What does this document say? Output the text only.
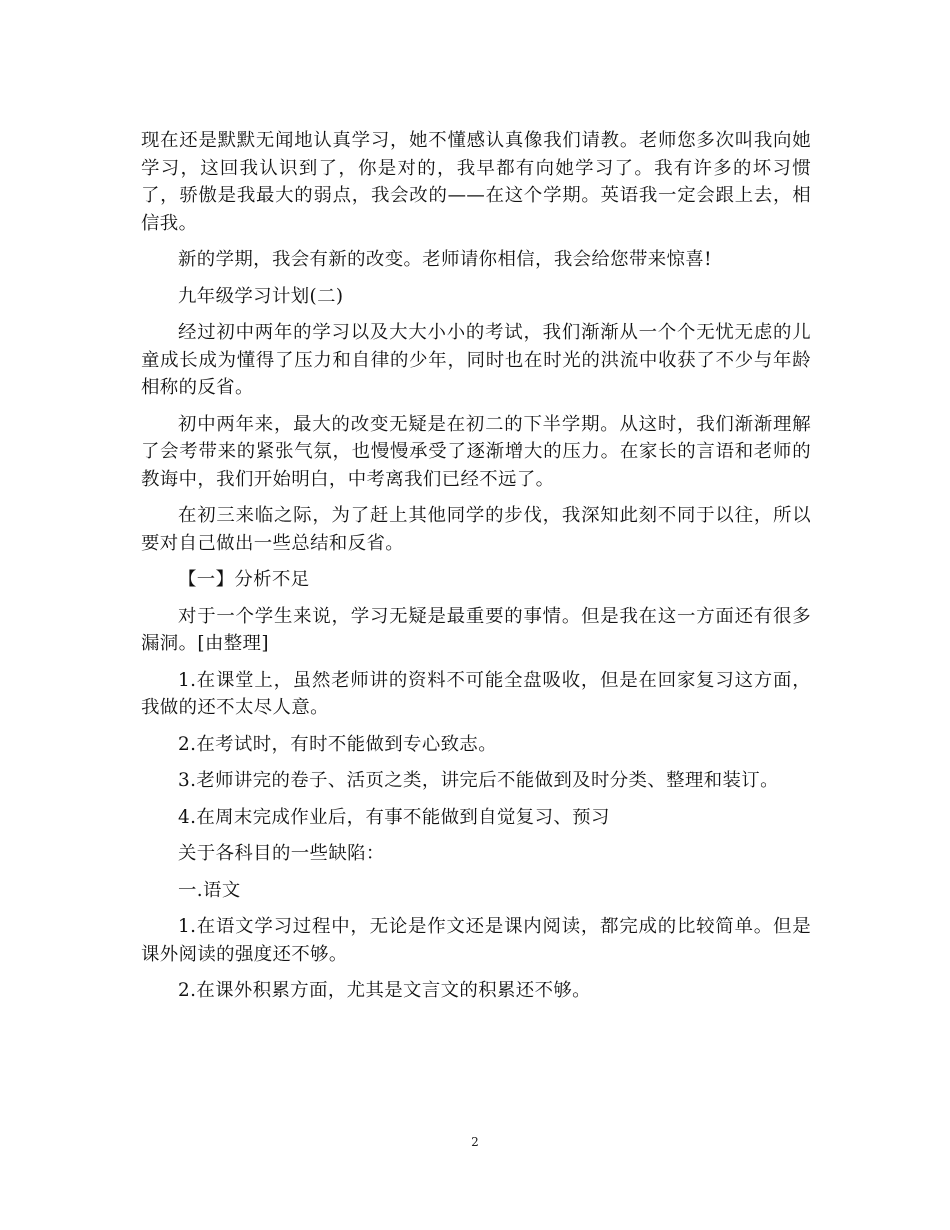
现在还是默默无闻地认真学习，她不懂感认真像我们请教。老师您多次叫我向她学习，这回我认识到了，你是对的，我早都有向她学习了。我有许多的坏习惯了，骄傲是我最大的弱点，我会改的——在这个学期。英语我一定会跟上去，相信我。

新的学期，我会有新的改变。老师请你相信，我会给您带来惊喜!

九年级学习计划(二)

经过初中两年的学习以及大大小小的考试，我们渐渐从一个个无忧无虑的儿童成长成为懂得了压力和自律的少年，同时也在时光的洪流中收获了不少与年龄相称的反省。

初中两年来，最大的改变无疑是在初二的下半学期。从这时，我们渐渐理解了会考带来的紧张气氛，也慢慢承受了逐渐增大的压力。在家长的言语和老师的教诲中，我们开始明白，中考离我们已经不远了。

在初三来临之际，为了赶上其他同学的步伐，我深知此刻不同于以往，所以要对自己做出一些总结和反省。

【一】分析不足

对于一个学生来说，学习无疑是最重要的事情。但是我在这一方面还有很多漏洞。[由整理]

1.在课堂上，虽然老师讲的资料不可能全盘吸收，但是在回家复习这方面，我做的还不太尽人意。

2.在考试时，有时不能做到专心致志。

3.老师讲完的卷子、活页之类，讲完后不能做到及时分类、整理和装订。

4.在周末完成作业后，有事不能做到自觉复习、预习

关于各科目的一些缺陷：

一.语文

1.在语文学习过程中，无论是作文还是课内阅读，都完成的比较简单。但是课外阅读的强度还不够。

2.在课外积累方面，尤其是文言文的积累还不够。

2
